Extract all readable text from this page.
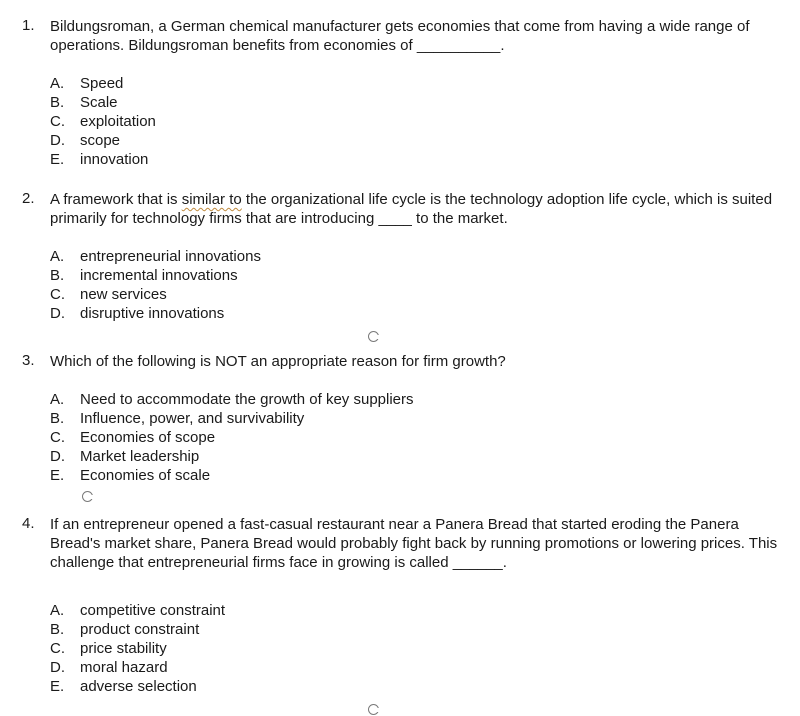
1. Bildungsroman, a German chemical manufacturer gets economies that come from having a wide range of operations. Bildungsroman benefits from economies of __________.
A. Speed
B. Scale
C. exploitation
D. scope
E. innovation
2. A framework that is similar to the organizational life cycle is the technology adoption life cycle, which is suited primarily for technology firms that are introducing ____ to the market.
A. entrepreneurial innovations
B. incremental innovations
C. new services
D. disruptive innovations
3. Which of the following is NOT an appropriate reason for firm growth?
A. Need to accommodate the growth of key suppliers
B. Influence, power, and survivability
C. Economies of scope
D. Market leadership
E. Economies of scale
4. If an entrepreneur opened a fast-casual restaurant near a Panera Bread that started eroding the Panera Bread's market share, Panera Bread would probably fight back by running promotions or lowering prices. This challenge that entrepreneurial firms face in growing is called ______.
A. competitive constraint
B. product constraint
C. price stability
D. moral hazard
E. adverse selection
